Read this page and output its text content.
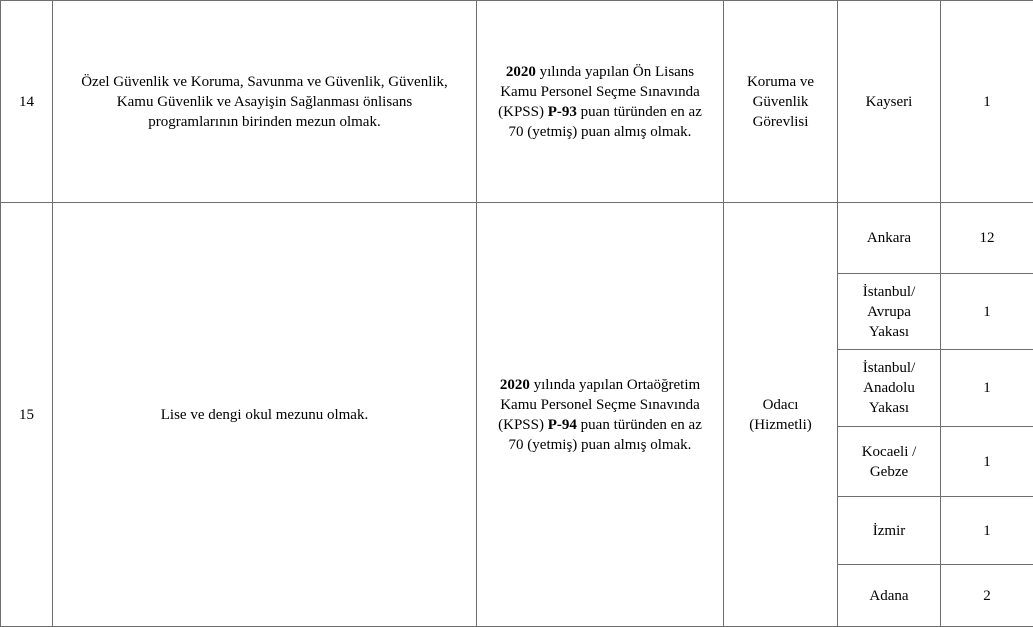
14	Özel Güvenlik ve Koruma, Savunma ve Güvenlik, Güvenlik, Kamu Güvenlik ve Asayişin Sağlanması önlisans programlarının birinden mezun olmak.	2020 yılında yapılan Ön Lisans Kamu Personel Seçme Sınavında (KPSS) P-93 puan türünden en az 70 (yetmiş) puan almış olmak.	Koruma ve Güvenlik Görevlisi	Kayseri	1
15	Lise ve dengi okul mezunu olmak.	2020 yılında yapılan Ortaöğretim Kamu Personel Seçme Sınavında (KPSS) P-94 puan türünden en az 70 (yetmiş) puan almış olmak.	Odacı (Hizmetli)	Ankara	12
				İstanbul/ Avrupa Yakası	1
				İstanbul/ Anadolu Yakası	1
				Kocaeli / Gebze	1
				İzmir	1
				Adana	2
